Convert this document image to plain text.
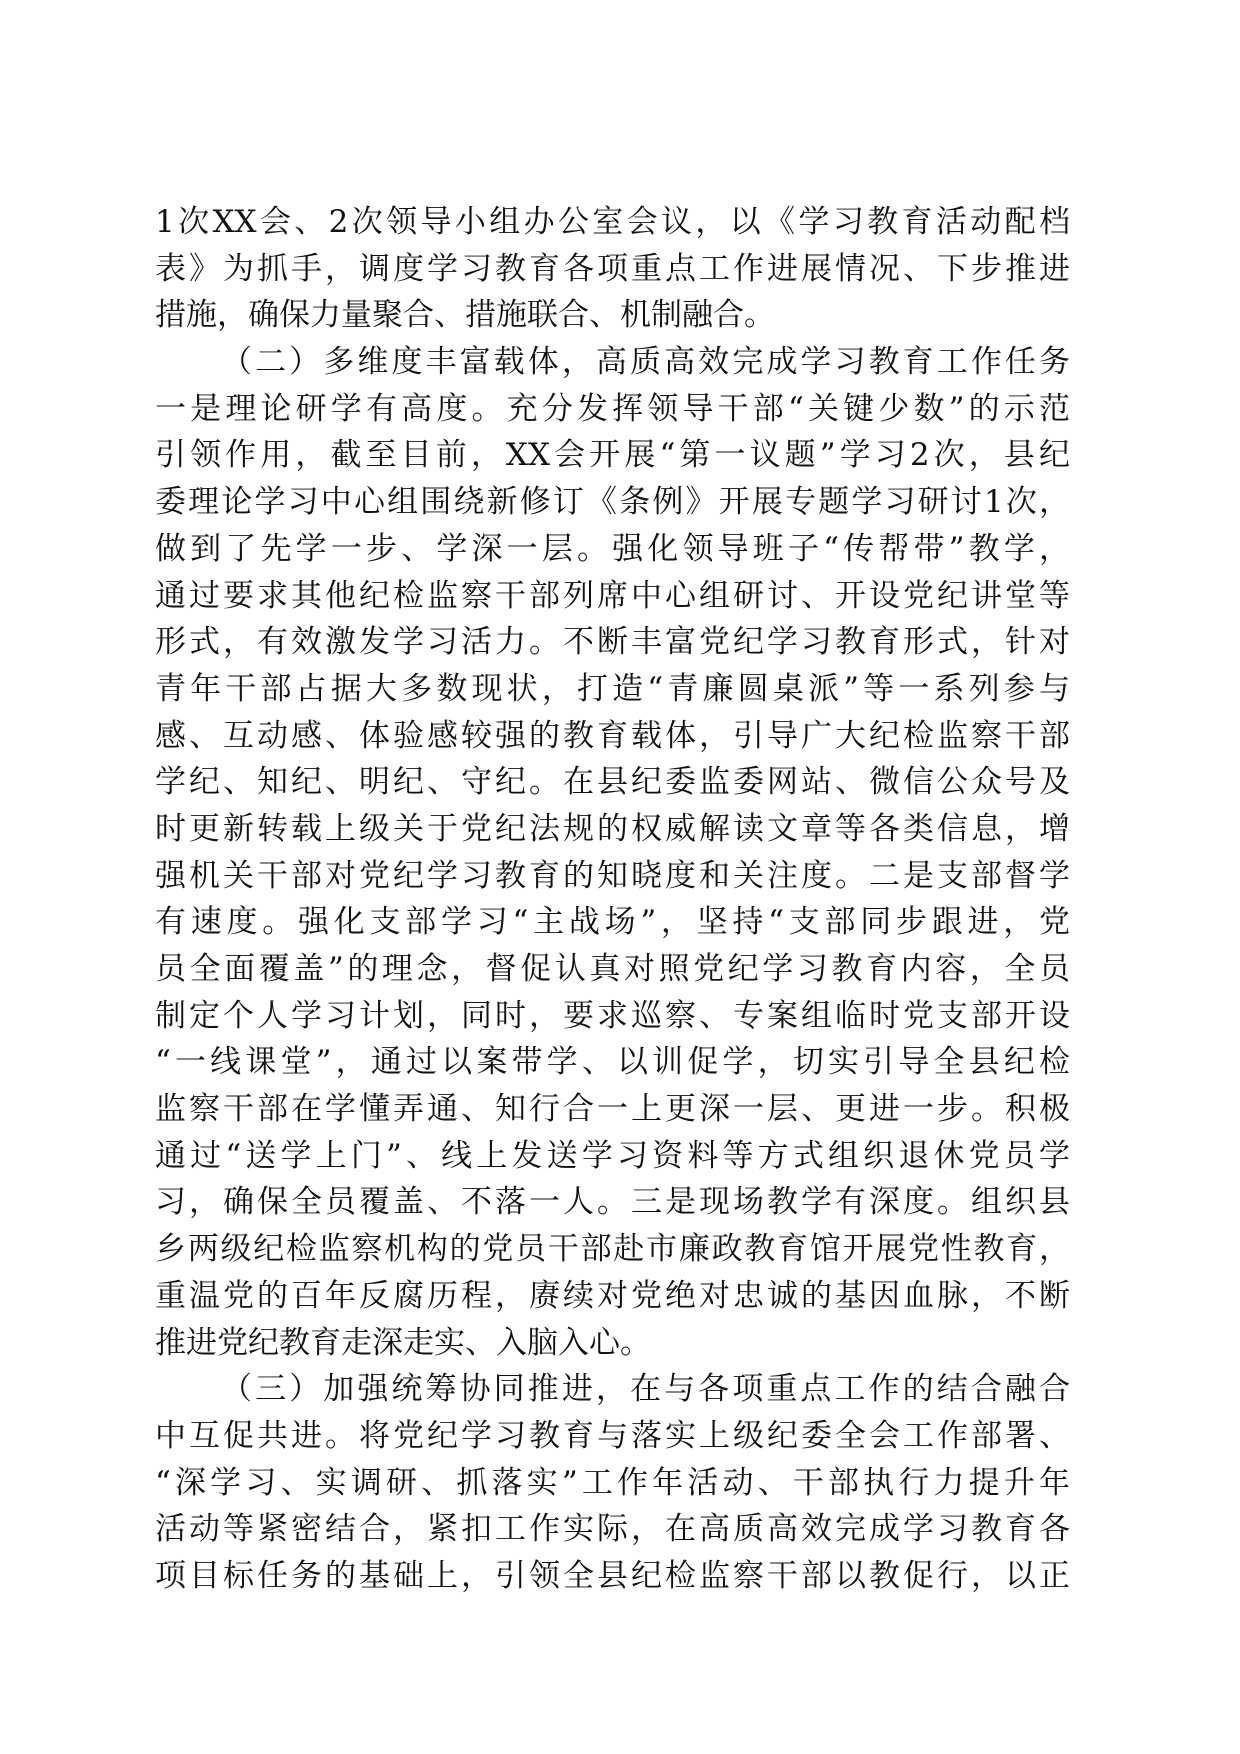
1次XX会、2次领导小组办公室会议，以《学习教育活动配档
表》为抓手，调度学习教育各项重点工作进展情况、下步推进
措施，确保力量聚合、措施联合、机制融合。
（二）多维度丰富载体，高质高效完成学习教育工作任务
一是理论研学有高度。充分发挥领导干部“关键少数”的示范
引领作用，截至目前，XX会开展“第一议题”学习2次，县纪
委理论学习中心组围绕新修订《条例》开展专题学习研讨1次，
做到了先学一步、学深一层。强化领导班子“传帮带”教学，
通过要求其他纪检监察干部列席中心组研讨、开设党纪讲堂等
形式，有效激发学习活力。不断丰富党纪学习教育形式，针对
青年干部占据大多数现状，打造“青廉圆桌派”等一系列参与
感、互动感、体验感较强的教育载体，引导广大纪检监察干部
学纪、知纪、明纪、守纪。在县纪委监委网站、微信公众号及
时更新转载上级关于党纪法规的权威解读文章等各类信息，增
强机关干部对党纪学习教育的知晓度和关注度。二是支部督学
有速度。强化支部学习“主战场”，坚持“支部同步跟进，党
员全面覆盖”的理念，督促认真对照党纪学习教育内容，全员
制定个人学习计划，同时，要求巡察、专案组临时党支部开设
“一线课堂”，通过以案带学、以训促学，切实引导全县纪检
监察干部在学懂弄通、知行合一上更深一层、更进一步。积极
通过“送学上门”、线上发送学习资料等方式组织退休党员学
习，确保全员覆盖、不落一人。三是现场教学有深度。组织县
乡两级纪检监察机构的党员干部赴市廉政教育馆开展党性教育，
重温党的百年反腐历程，赓续对党绝对忠诚的基因血脉，不断
推进党纪教育走深走实、入脑入心。
（三）加强统筹协同推进，在与各项重点工作的结合融合
中互促共进。将党纪学习教育与落实上级纪委全会工作部署、
“深学习、实调研、抓落实”工作年活动、干部执行力提升年
活动等紧密结合，紧扣工作实际，在高质高效完成学习教育各
项目标任务的基础上，引领全县纪检监察干部以教促行，以正
